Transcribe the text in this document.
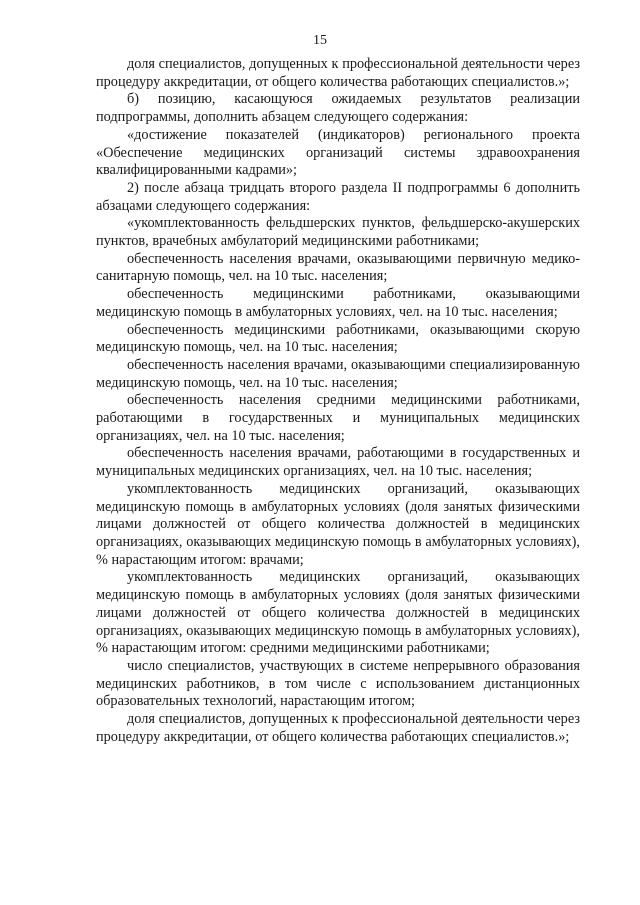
15

доля специалистов, допущенных к профессиональной деятельности через процедуру аккредитации, от общего количества работающих специалистов.»;

б) позицию, касающуюся ожидаемых результатов реализации подпрограммы, дополнить абзацем следующего содержания:

«достижение показателей (индикаторов) регионального проекта «Обеспечение медицинских организаций системы здравоохранения квалифицированными кадрами»;

2) после абзаца тридцать второго раздела II подпрограммы 6 дополнить абзацами следующего содержания:

«укомплектованность фельдшерских пунктов, фельдшерско-акушерских пунктов, врачебных амбулаторий медицинскими работниками;

обеспеченность населения врачами, оказывающими первичную медико-санитарную помощь, чел. на 10 тыс. населения;

обеспеченность медицинскими работниками, оказывающими медицинскую помощь в амбулаторных условиях, чел. на 10 тыс. населения;

обеспеченность медицинскими работниками, оказывающими скорую медицинскую помощь, чел. на 10 тыс. населения;

обеспеченность населения врачами, оказывающими специализированную медицинскую помощь, чел. на 10 тыс. населения;

обеспеченность населения средними медицинскими работниками, работающими в государственных и муниципальных медицинских организациях, чел. на 10 тыс. населения;

обеспеченность населения врачами, работающими в государственных и муниципальных медицинских организациях, чел. на 10 тыс. населения;

укомплектованность медицинских организаций, оказывающих медицинскую помощь в амбулаторных условиях (доля занятых физическими лицами должностей от общего количества должностей в медицинских организациях, оказывающих медицинскую помощь в амбулаторных условиях), % нарастающим итогом: врачами;

укомплектованность медицинских организаций, оказывающих медицинскую помощь в амбулаторных условиях (доля занятых физическими лицами должностей от общего количества должностей в медицинских организациях, оказывающих медицинскую помощь в амбулаторных условиях), % нарастающим итогом: средними медицинскими работниками;

число специалистов, участвующих в системе непрерывного образования медицинских работников, в том числе с использованием дистанционных образовательных технологий, нарастающим итогом;

доля специалистов, допущенных к профессиональной деятельности через процедуру аккредитации, от общего количества работающих специалистов.»;
